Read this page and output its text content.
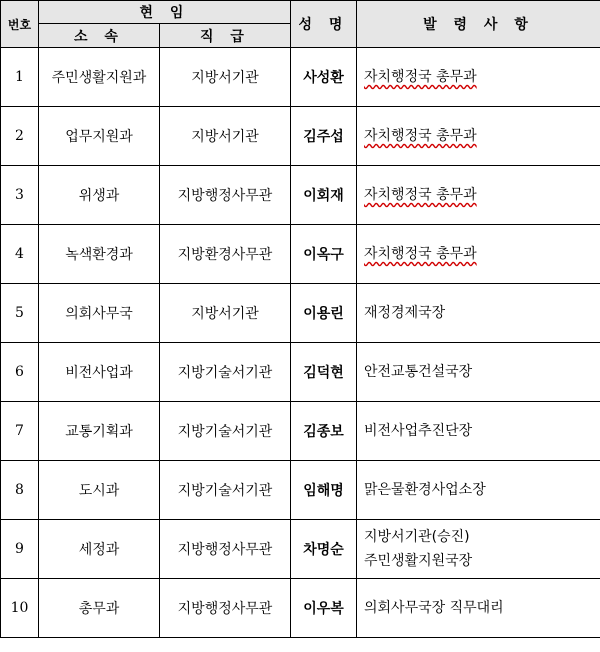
번호	현 임		성 명	발 령 사 항
	소 속	직 급		
1	주민생활지원과	지방서기관	사성환	자치행정국 총무과

2	업무지원과	지방서기관	김주섭	자치행정국 총무과

3	위생과	지방행정사무관	이회재	자치행정국 총무과

4	녹색환경과	지방환경사무관	이옥구	자치행정국 총무과

5	의회사무국	지방서기관	이용린	재정경제국장

6	비전사업과	지방기술서기관	김덕현	안전교통건설국장

7	교통기획과	지방기술서기관	김종보	비전사업추진단장

8	도시과	지방기술서기관	임해명	맑은물환경사업소장

9	세정과	지방행정사무관	차명순	지방서기관(승진)
주민생활지원국장

10	총무과	지방행정사무관	이우복	의회사무국장 직무대리
